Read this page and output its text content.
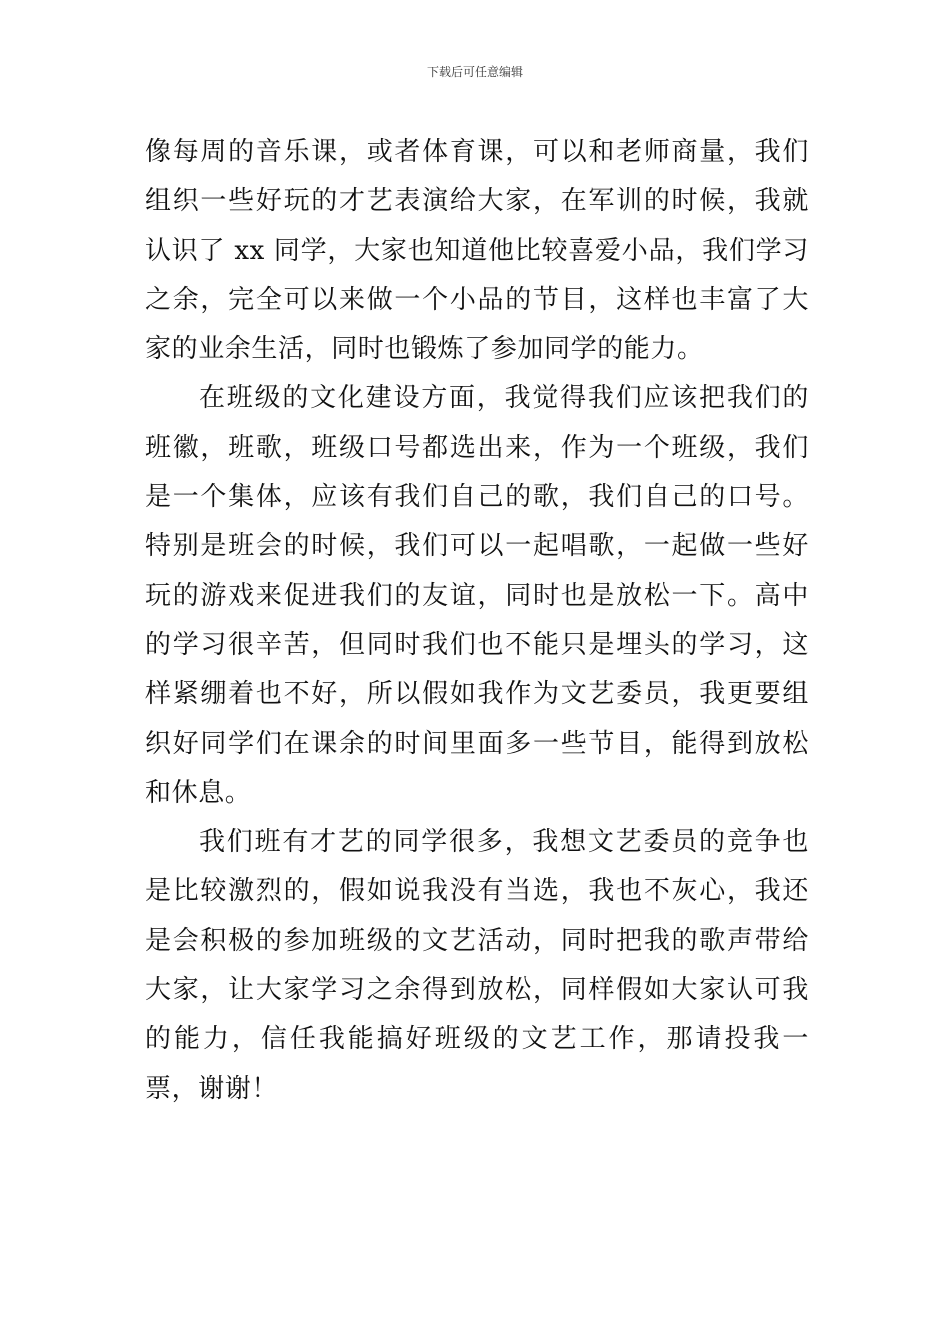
下载后可任意编辑

像每周的音乐课，或者体育课，可以和老师商量，我们组织一些好玩的才艺表演给大家，在军训的时候，我就认识了 xx 同学，大家也知道他比较喜爱小品，我们学习之余，完全可以来做一个小品的节目，这样也丰富了大家的业余生活，同时也锻炼了参加同学的能力。

在班级的文化建设方面，我觉得我们应该把我们的班徽，班歌，班级口号都选出来，作为一个班级，我们是一个集体，应该有我们自己的歌，我们自己的口号。特别是班会的时候，我们可以一起唱歌，一起做一些好玩的游戏来促进我们的友谊，同时也是放松一下。高中的学习很辛苦，但同时我们也不能只是埋头的学习，这样紧绷着也不好，所以假如我作为文艺委员，我更要组织好同学们在课余的时间里面多一些节目，能得到放松和休息。

我们班有才艺的同学很多，我想文艺委员的竞争也是比较激烈的，假如说我没有当选，我也不灰心，我还是会积极的参加班级的文艺活动，同时把我的歌声带给大家，让大家学习之余得到放松，同样假如大家认可我的能力，信任我能搞好班级的文艺工作，那请投我一票，谢谢！
